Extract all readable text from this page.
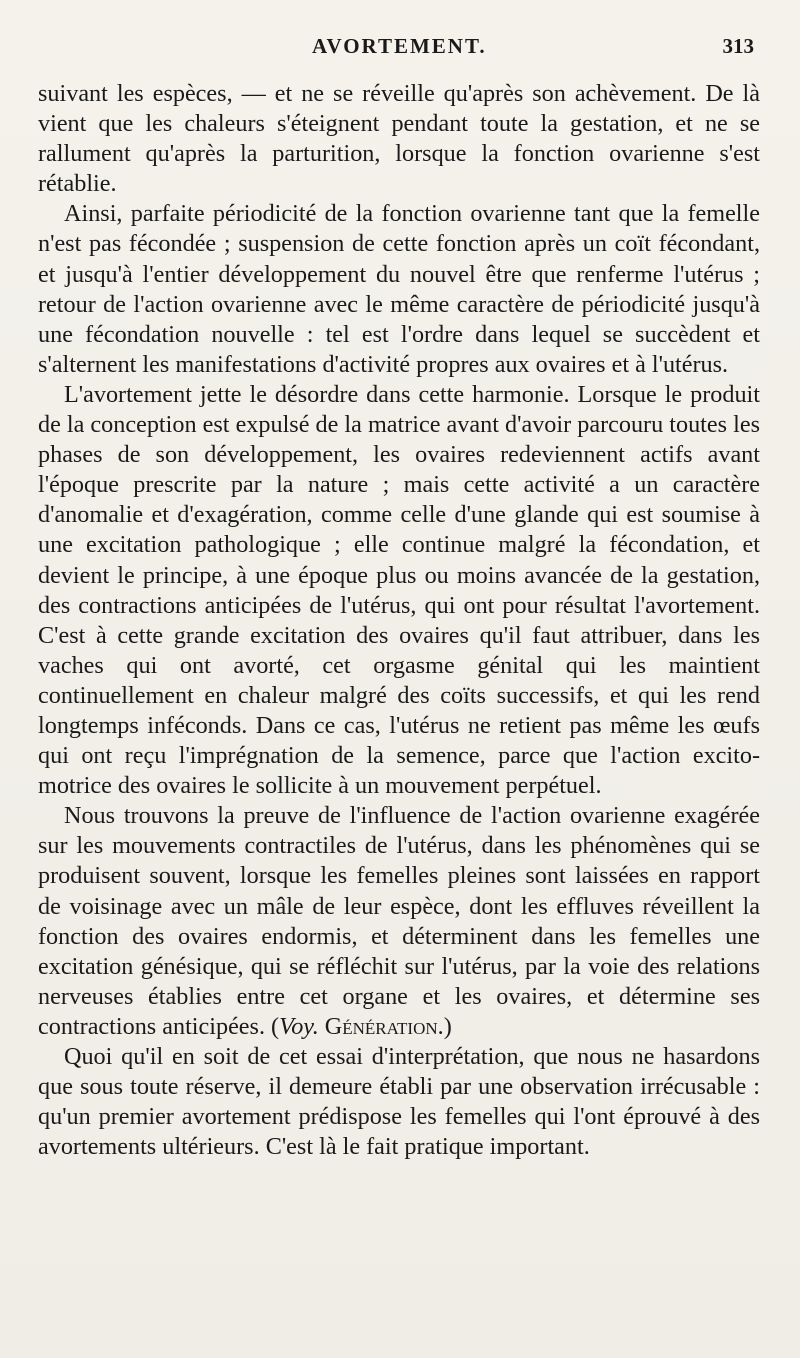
AVORTEMENT.	313

suivant les espèces, — et ne se réveille qu'après son achèvement. De là vient que les chaleurs s'éteignent pendant toute la gestation, et ne se rallument qu'après la parturition, lorsque la fonction ovarienne s'est rétablie.

Ainsi, parfaite périodicité de la fonction ovarienne tant que la femelle n'est pas fécondée ; suspension de cette fonction après un coït fécondant, et jusqu'à l'entier développement du nouvel être que renferme l'utérus ; retour de l'action ovarienne avec le même caractère de périodicité jusqu'à une fécondation nouvelle : tel est l'ordre dans lequel se succèdent et s'alternent les manifestations d'activité propres aux ovaires et à l'utérus.

L'avortement jette le désordre dans cette harmonie. Lorsque le produit de la conception est expulsé de la matrice avant d'avoir parcouru toutes les phases de son développement, les ovaires redeviennent actifs avant l'époque prescrite par la nature ; mais cette activité a un caractère d'anomalie et d'exagération, comme celle d'une glande qui est soumise à une excitation pathologique ; elle continue malgré la fécondation, et devient le principe, à une époque plus ou moins avancée de la gestation, des contractions anticipées de l'utérus, qui ont pour résultat l'avortement. C'est à cette grande excitation des ovaires qu'il faut attribuer, dans les vaches qui ont avorté, cet orgasme génital qui les maintient continuellement en chaleur malgré des coïts successifs, et qui les rend longtemps inféconds. Dans ce cas, l'utérus ne retient pas même les œufs qui ont reçu l'imprégnation de la semence, parce que l'action excito-motrice des ovaires le sollicite à un mouvement perpétuel.

Nous trouvons la preuve de l'influence de l'action ovarienne exagérée sur les mouvements contractiles de l'utérus, dans les phénomènes qui se produisent souvent, lorsque les femelles pleines sont laissées en rapport de voisinage avec un mâle de leur espèce, dont les effluves réveillent la fonction des ovaires endormis, et déterminent dans les femelles une excitation génésique, qui se réfléchit sur l'utérus, par la voie des relations nerveuses établies entre cet organe et les ovaires, et détermine ses contractions anticipées. (Voy. Génération.)

Quoi qu'il en soit de cet essai d'interprétation, que nous ne hasardons que sous toute réserve, il demeure établi par une observation irrécusable : qu'un premier avortement prédispose les femelles qui l'ont éprouvé à des avortements ultérieurs. C'est là le fait pratique important.
